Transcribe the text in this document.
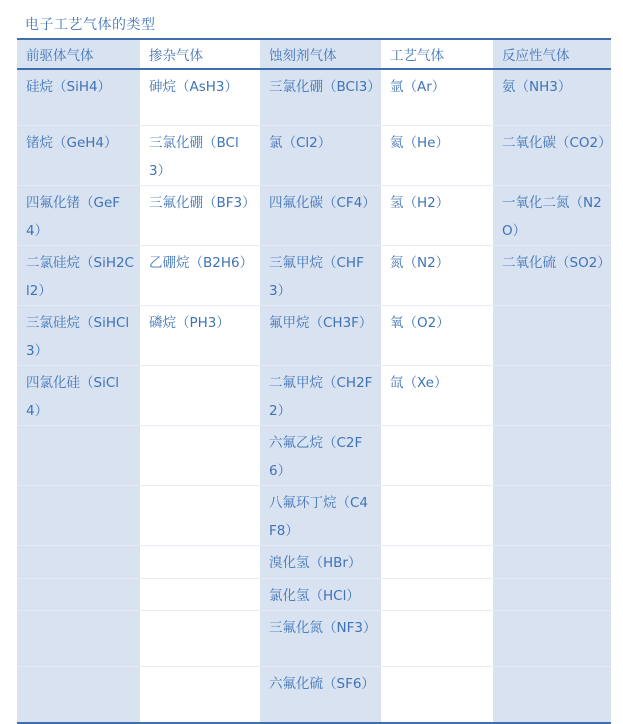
电子工艺气体的类型
前驱体气体	掺杂气体	蚀刻剂气体	工艺气体	反应性气体
硅烷（SiH4）	砷烷（AsH3）	三氯化硼（BCl3）	氩（Ar）	氨（NH3）
锗烷（GeH4）	三氯化硼（BCl3）	氯（Cl2）	氦（He）	二氧化碳（CO2）
四氟化锗（GeF4）	三氟化硼（BF3）	四氟化碳（CF4）	氢（H2）	一氧化二氮（N2O）
二氯硅烷（SiH2Cl2）	乙硼烷（B2H6）	三氟甲烷（CHF3）	氮（N2）	二氧化硫（SO2）
三氯硅烷（SiHCl3）	磷烷（PH3）	氟甲烷（CH3F）	氧（O2）	
四氯化硅（SiCl4）		二氟甲烷（CH2F2）	氙（Xe）	
		六氟乙烷（C2F6）		
		八氟环丁烷（C4F8）		
		溴化氢（HBr）		
		氯化氢（HCl）		
		三氟化氮（NF3）		
		六氟化硫（SF6）		
